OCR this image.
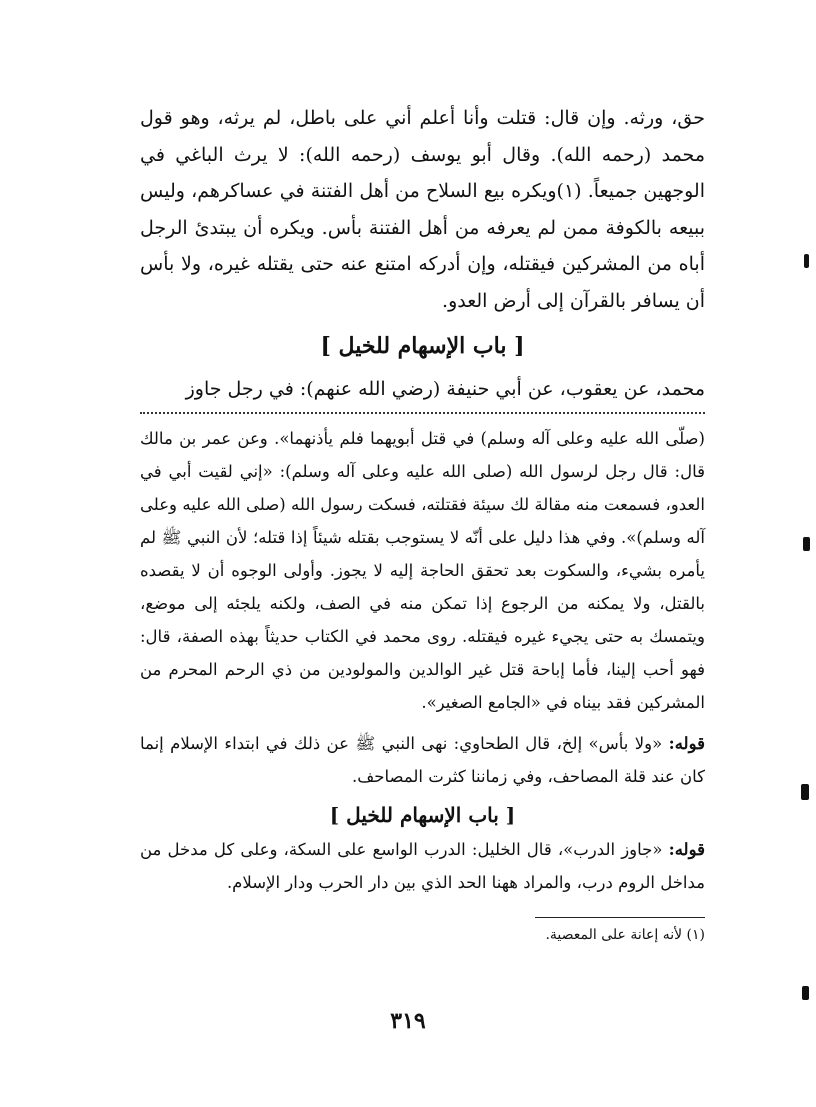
حق، ورثه. وإن قال: قتلت وأنا أعلم أني على باطل، لم يرثه، وهو قول محمد (رحمه الله). وقال أبو يوسف (رحمه الله): لا يرث الباغي في الوجهين جميعاً. (١)ويكره بيع السلاح من أهل الفتنة في عساكرهم، وليس ببيعه بالكوفة ممن لم يعرفه من أهل الفتنة بأس. ويكره أن يبتدئ الرجل أباه من المشركين فيقتله، وإن أدركه امتنع عنه حتى يقتله غيره، ولا بأس أن يسافر بالقرآن إلى أرض العدو.

[ باب الإسهام للخيل ]

محمد، عن يعقوب، عن أبي حنيفة (رضي الله عنهم): في رجل جاوز

(صلّى الله عليه وعلى آله وسلم) في قتل أبويهما فلم يأذنهما». وعن عمر بن مالك قال: قال رجل لرسول الله (صلى الله عليه وعلى آله وسلم): «إني لقيت أبي في العدو، فسمعت منه مقالة لك سيئة فقتلته، فسكت رسول الله (صلى الله عليه وعلى آله وسلم)». وفي هذا دليل على أنّه لا يستوجب بقتله شيئاً إذا قتله؛ لأن النبي ﷺ لم يأمره بشيء، والسكوت بعد تحقق الحاجة إليه لا يجوز. وأولى الوجوه أن لا يقصده بالقتل، ولا يمكنه من الرجوع إذا تمكن منه في الصف، ولكنه يلجئه إلى موضع، ويتمسك به حتى يجيء غيره فيقتله. روى محمد في الكتاب حديثاً بهذه الصفة، قال: فهو أحب إلينا، فأما إباحة قتل غير الوالدين والمولودين من ذي الرحم المحرم من المشركين فقد بيناه في «الجامع الصغير».

قوله: «ولا بأس» إلخ، قال الطحاوي: نهى النبي ﷺ عن ذلك في ابتداء الإسلام إنما كان عند قلة المصاحف، وفي زماننا كثرت المصاحف.

[ باب الإسهام للخيل ]

قوله: «جاوز الدرب»، قال الخليل: الدرب الواسع على السكة، وعلى كل مدخل من مداخل الروم درب، والمراد ههنا الحد الذي بين دار الحرب ودار الإسلام.

(١) لأنه إعانة على المعصية.
٣١٩
